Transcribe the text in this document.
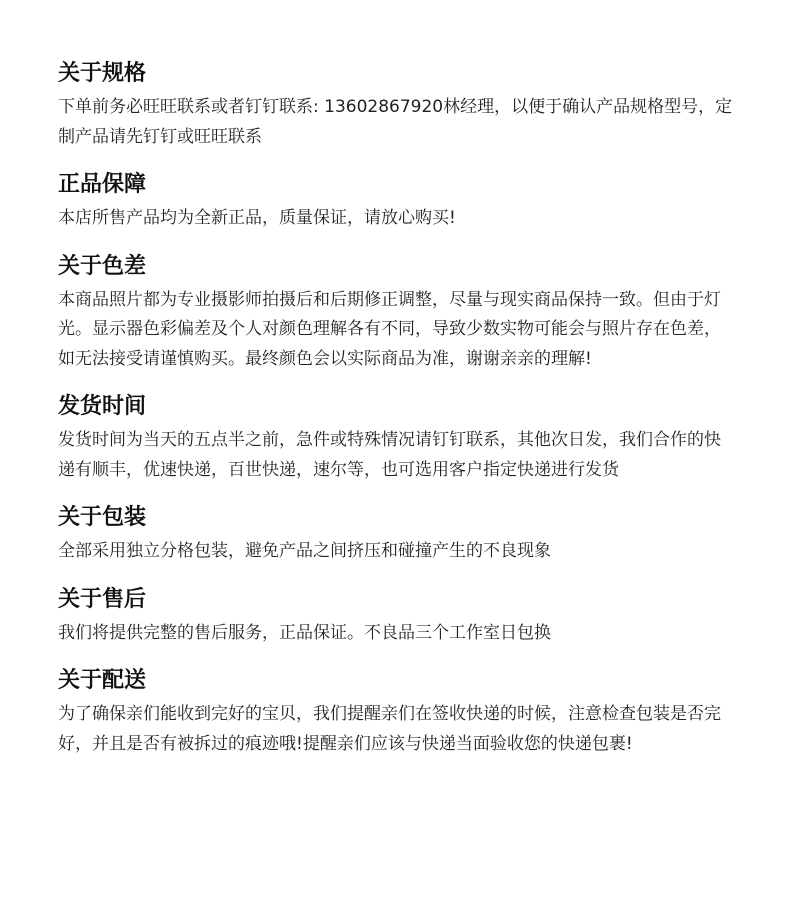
关于规格

下单前务必旺旺联系或者钉钉联系: 13602867920林经理，以便于确认产品规格型号，定制产品请先钉钉或旺旺联系

正品保障

本店所售产品均为全新正品，质量保证，请放心购买!

关于色差

本商品照片都为专业摄影师拍摄后和后期修正调整，尽量与现实商品保持一致。但由于灯光。显示器色彩偏差及个人对颜色理解各有不同，导致少数实物可能会与照片存在色差，如无法接受请谨慎购买。最终颜色会以实际商品为准，谢谢亲亲的理解!

发货时间

发货时间为当天的五点半之前，急件或特殊情况请钉钉联系，其他次日发，我们合作的快递有顺丰，优速快递，百世快递，速尔等，也可选用客户指定快递进行发货

关于包装

全部采用独立分格包装，避免产品之间挤压和碰撞产生的不良现象

关于售后

我们将提供完整的售后服务，正品保证。不良品三个工作室日包换

关于配送

为了确保亲们能收到完好的宝贝，我们提醒亲们在签收快递的时候，注意检查包装是否完好，并且是否有被拆过的痕迹哦!提醒亲们应该与快递当面验收您的快递包裹!
